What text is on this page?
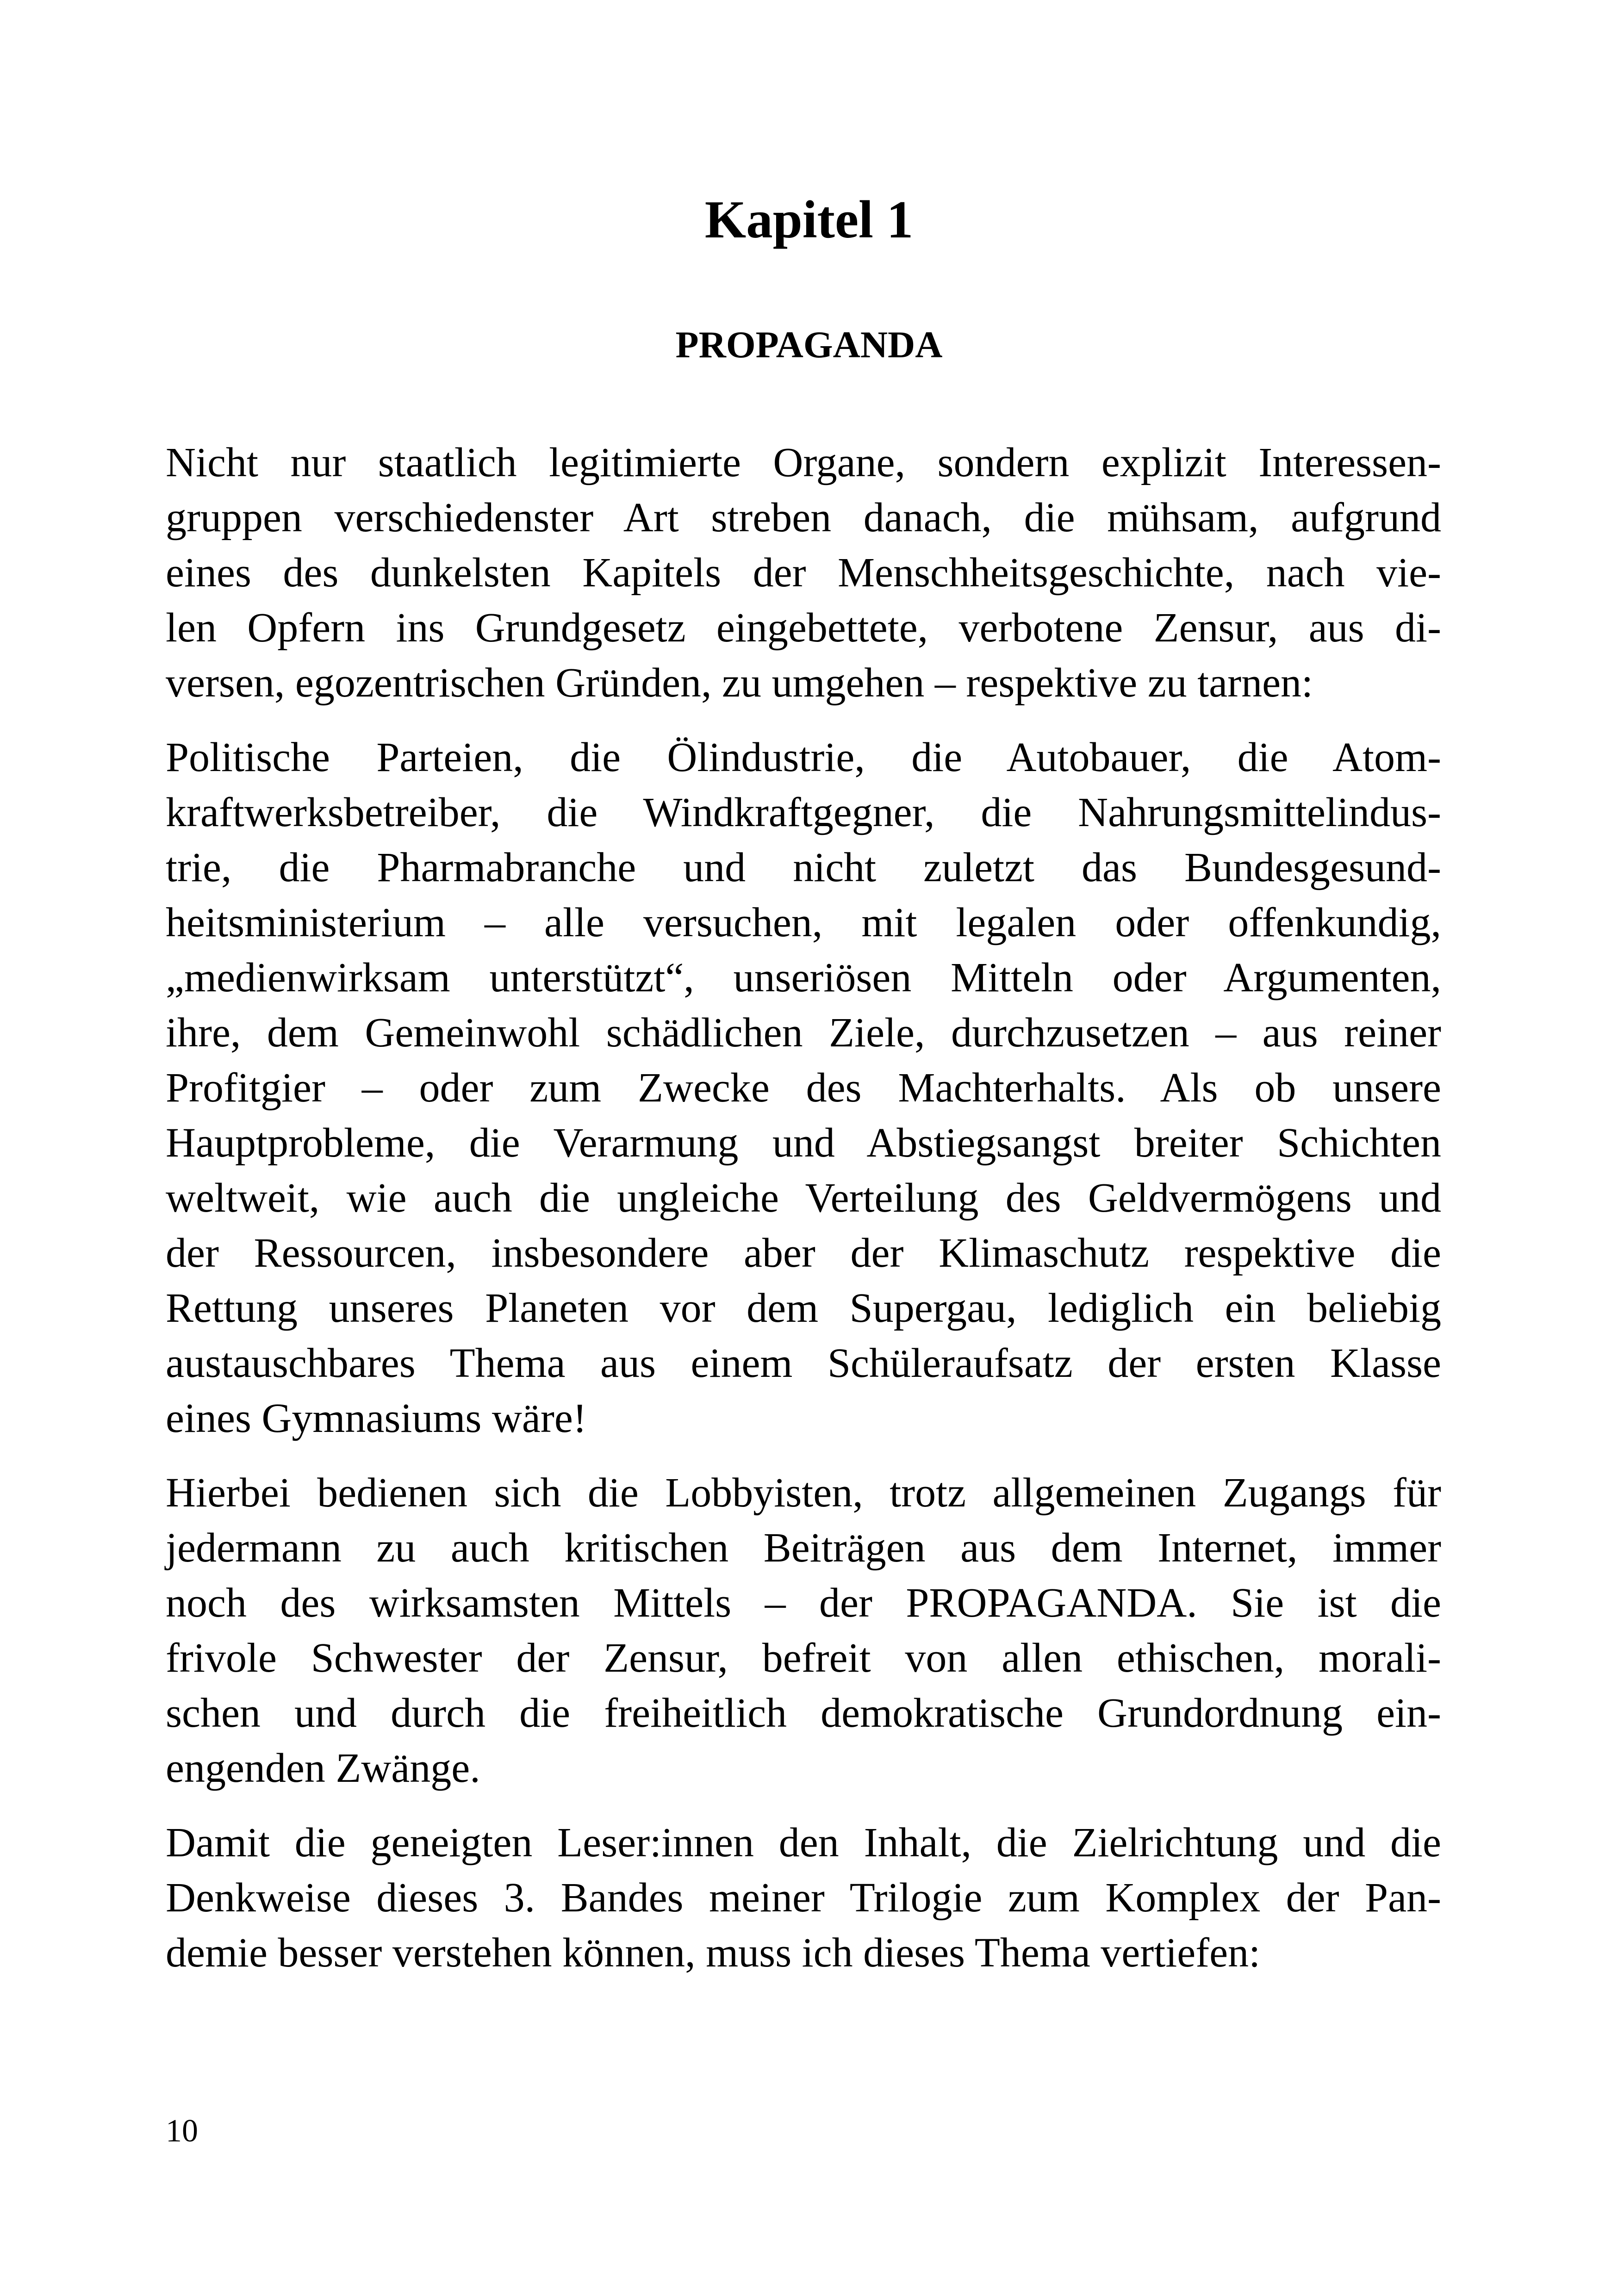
Kapitel 1
PROPAGANDA

Nicht nur staatlich legitimierte Organe, sondern explizit Interessen-
gruppen verschiedenster Art streben danach, die mühsam, aufgrund
eines des dunkelsten Kapitels der Menschheitsgeschichte, nach vie-
len Opfern ins Grundgesetz eingebettete, verbotene Zensur, aus di-
versen, egozentrischen Gründen, zu umgehen – respektive zu tarnen:

Politische Parteien, die Ölindustrie, die Autobauer, die Atom-
kraftwerksbetreiber, die Windkraftgegner, die Nahrungsmittelindus-
trie, die Pharmabranche und nicht zuletzt das Bundesgesund-
heitsministerium – alle versuchen, mit legalen oder offenkundig,
„medienwirksam unterstützt“, unseriösen Mitteln oder Argumenten,
ihre, dem Gemeinwohl schädlichen Ziele, durchzusetzen – aus reiner
Profitgier – oder zum Zwecke des Machterhalts. Als ob unsere
Hauptprobleme, die Verarmung und Abstiegsangst breiter Schichten
weltweit, wie auch die ungleiche Verteilung des Geldvermögens und
der Ressourcen, insbesondere aber der Klimaschutz respektive die
Rettung unseres Planeten vor dem Supergau, lediglich ein beliebig
austauschbares Thema aus einem Schüleraufsatz der ersten Klasse
eines Gymnasiums wäre!

Hierbei bedienen sich die Lobbyisten, trotz allgemeinen Zugangs für
jedermann zu auch kritischen Beiträgen aus dem Internet, immer
noch des wirksamsten Mittels – der PROPAGANDA. Sie ist die
frivole Schwester der Zensur, befreit von allen ethischen, morali-
schen und durch die freiheitlich demokratische Grundordnung ein-
engenden Zwänge.

Damit die geneigten Leser:innen den Inhalt, die Zielrichtung und die
Denkweise dieses 3. Bandes meiner Trilogie zum Komplex der Pan-
demie besser verstehen können, muss ich dieses Thema vertiefen:

10
